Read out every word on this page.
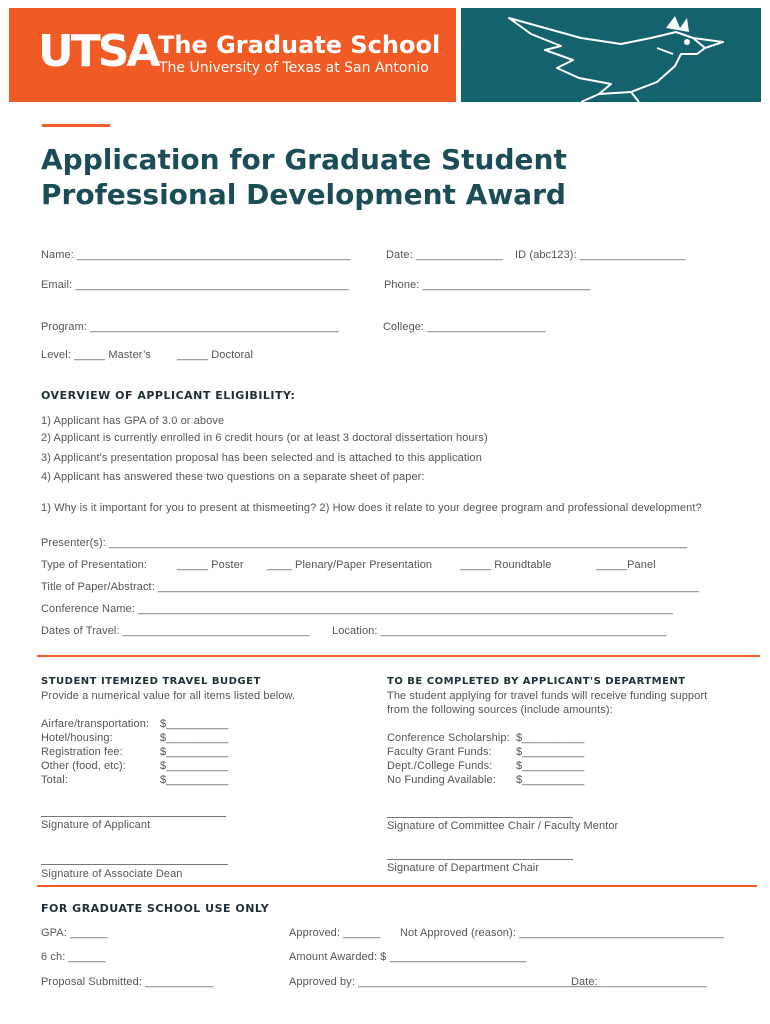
UTSA The Graduate School
The University of Texas at San Antonio
Application for Graduate Student Professional Development Award
Name: ____________________________________________	Date: ______________ ID (abc123): _________________
Email: ____________________________________________	Phone: ___________________________
Program: ________________________________________	College: ___________________
Level: _____ Master’s _____ Doctoral
OVERVIEW OF APPLICANT ELIGIBILITY:
1) Applicant has GPA of 3.0 or above
2) Applicant is currently enrolled in 6 credit hours (or at least 3 doctoral dissertation hours)
3) Applicant's presentation proposal has been selected and is attached to this application
4) Applicant has answered these two questions on a separate sheet of paper:
1) Why is it important for you to present at thismeeting? 2) How does it relate to your degree program and professional development?
Presenter(s): _____________________________________________________________________________________________
Type of Presentation:	_____ Poster ____ Plenary/Paper Presentation	_____ Roundtable	_____Panel
Title of Paper/Abstract: _______________________________________________________________________________________
Conference Name: ______________________________________________________________________________________
Dates of Travel: ______________________________ Location: ______________________________________________
STUDENT ITEMIZED TRAVEL BUDGET
Provide a numerical value for all items listed below.
Airfare/transportation: $__________
Hotel/housing:	$__________
Registration fee:	$__________
Other (food, etc):	$__________
Total:	$__________
Signature of Applicant
Signature of Associate Dean
TO BE COMPLETED BY APPLICANT'S DEPARTMENT
The student applying for travel funds will receive funding support
from the following sources (include amounts):
Conference Scholarship: $__________
Faculty Grant Funds: $__________
Dept./College Funds: $__________
No Funding Available: $__________
Signature of Committee Chair / Faculty Mentor
Signature of Department Chair
FOR GRADUATE SCHOOL USE ONLY
GPA: ______	Approved: ______ Not Approved (reason): _________________________________
6 ch: ______	Amount Awarded: $ ______________________
Proposal Submitted: ___________	Approved by: _______________________________________
Date: _________________
